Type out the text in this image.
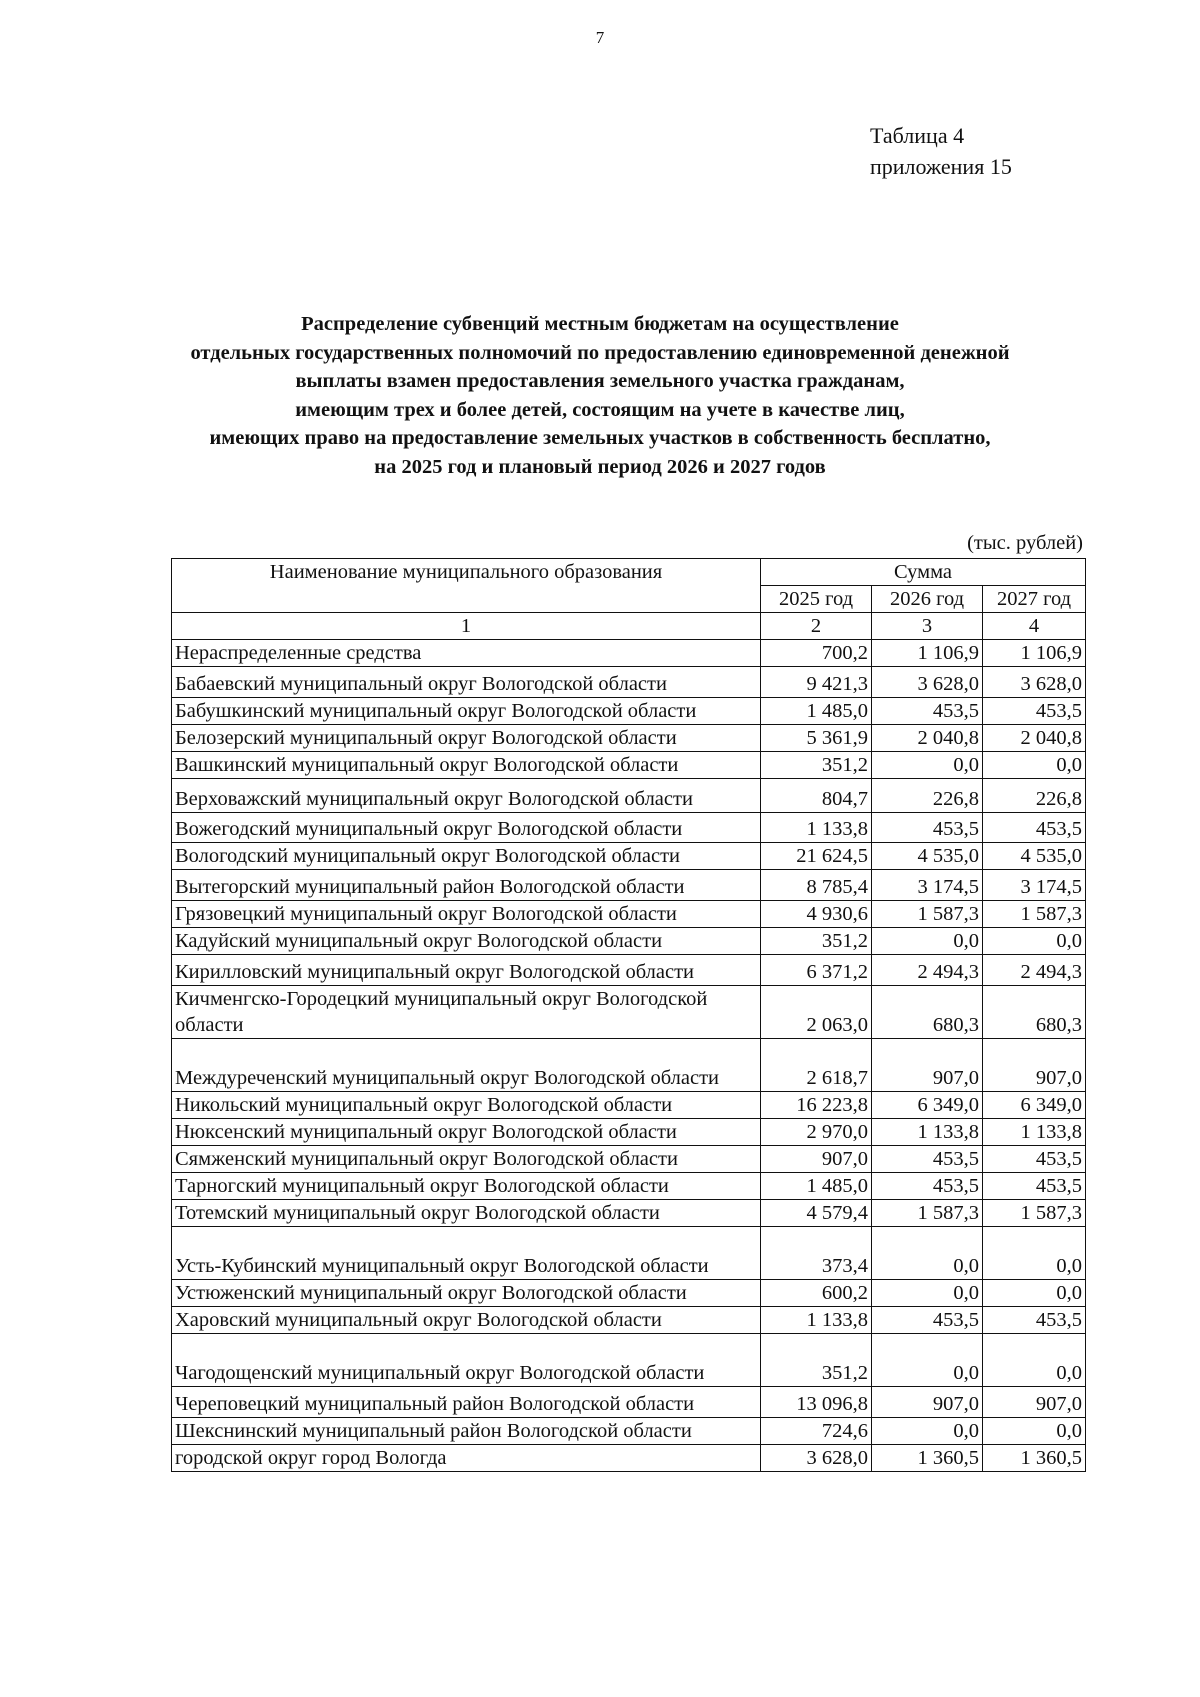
7
Таблица 4
приложения 15
Распределение субвенций местным бюджетам на осуществление
отдельных государственных полномочий по предоставлению единовременной денежной
выплаты взамен предоставления земельного участка гражданам,
имеющим трех и более детей, состоящим на учете в качестве лиц,
имеющих право на предоставление земельных участков в собственность бесплатно,
на 2025 год и плановый период 2026 и 2027 годов
(тыс. рублей)
Наименование муниципального образования	Сумма		
	2025 год	2026 год	2027 год
1	2	3	4
Нераспределенные средства	700,2	1 106,9	1 106,9
Бабаевский муниципальный округ Вологодской области	9 421,3	3 628,0	3 628,0
Бабушкинский муниципальный округ Вологодской области	1 485,0	453,5	453,5
Белозерский муниципальный округ Вологодской области	5 361,9	2 040,8	2 040,8
Вашкинский муниципальный округ Вологодской области	351,2	0,0	0,0
Верховажский муниципальный округ Вологодской области	804,7	226,8	226,8
Вожегодский муниципальный округ Вологодской области	1 133,8	453,5	453,5
Вологодский муниципальный округ Вологодской области	21 624,5	4 535,0	4 535,0
Вытегорский муниципальный район Вологодской области	8 785,4	3 174,5	3 174,5
Грязовецкий муниципальный округ Вологодской области	4 930,6	1 587,3	1 587,3
Кадуйский муниципальный округ Вологодской области	351,2	0,0	0,0
Кирилловский муниципальный округ Вологодской области	6 371,2	2 494,3	2 494,3
Кичменгско-Городецкий муниципальный округ Вологодской области	2 063,0	680,3	680,3
Междуреченский муниципальный округ Вологодской области	2 618,7	907,0	907,0
Никольский муниципальный округ Вологодской области	16 223,8	6 349,0	6 349,0
Нюксенский муниципальный округ Вологодской области	2 970,0	1 133,8	1 133,8
Сямженский муниципальный округ Вологодской области	907,0	453,5	453,5
Тарногский муниципальный округ Вологодской области	1 485,0	453,5	453,5
Тотемский муниципальный округ Вологодской области	4 579,4	1 587,3	1 587,3
Усть-Кубинский муниципальный округ Вологодской области	373,4	0,0	0,0
Устюженский муниципальный округ Вологодской области	600,2	0,0	0,0
Харовский муниципальный округ Вологодской области	1 133,8	453,5	453,5
Чагодощенский муниципальный округ Вологодской области	351,2	0,0	0,0
Череповецкий муниципальный район Вологодской области	13 096,8	907,0	907,0
Шекснинский муниципальный район Вологодской области	724,6	0,0	0,0
городской округ город Вологда	3 628,0	1 360,5	1 360,5
